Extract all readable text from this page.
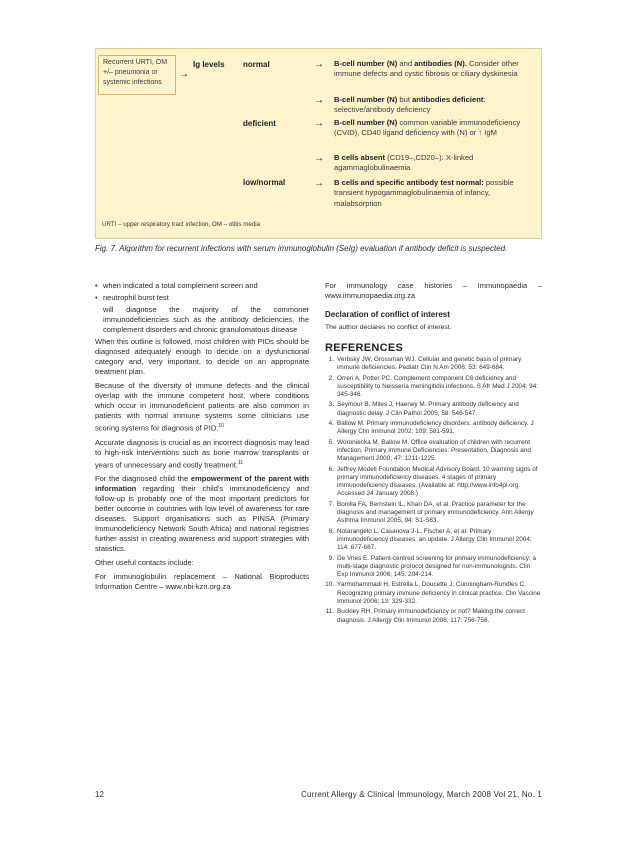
Recurrent URTI, OM
+/– pneumonia or
systemic infections
→
Ig levels normal
deficient
low/normal
→
→
→
→
→
B-cell number (N) and antibodies (N). Consider other immune defects and cystic fibrosis or ciliary dyskinesia
B-cell number (N) but antibodies deficient: selective/antibody deficiency
B-cell number (N) common variable immunodeficiency (CVID), CD40 ligand deficiency with (N) or ↑ IgM
B cells absent (CD19–,CD20–): X-linked agammaglobulinaemia
B cells and specific antibody test normal: possible transient hypogammaglobulinaemia of infancy, malabsorption
URTI – upper respiratory tract infection, OM – otitis media
Fig. 7. Algorithm for recurrent infections with serum immunoglobulin (SeIg) evaluation if antibody deficit is suspected.
• when indicated a total complement screen and
• neutrophil burst test
will diagnose the majority of the commoner immunodeficiencies such as the antibody deficiencies, the complement disorders and chronic granulomatous disease
When this outline is followed, most children with PIDs should be diagnosed adequately enough to decide on a dysfunctional category and, very important, to decide on an appropriate treatment plan.
Because of the diversity of immune defects and the clinical overlap with the immune competent host, where conditions which occur in immunodeficient patients are also common in patients with normal immune systems some clinicians use scoring systems for diagnosis of PID.$^{10}$
Accurate diagnosis is crucial as an incorrect diagnosis may lead to high-risk interventions such as bone marrow transplants or years of unnecessary and costly treatment.$^{11}$
For the diagnosed child the empowerment of the parent with information regarding their child’s immunodeficiency and follow-up is probably one of the most important predictors for better outcome in countries with low level of awareness for rare diseases. Support organisations such as PINSA (Primary Immunodeficiency Network South Africa) and national registries further assist in creating awareness and support strategies with statistics.
Other useful contacts include:
For immunoglobulin replacement – National Bioproducts Information Centre – www.nbi-kzn.org.za
For immunology case histories – Immunopaedia – www.immunopaedia.org.za
Declaration of conflict of interest
The author declares no conflict of interest.
REFERENCES
1. Verbsky JW, Grossman WJ. Cellular and genetic basis of primary immune deficiencies. Pediatr Clin N Am 2006; 53: 649-684.
2. Orren A, Potter PC. Complement component C6 deficiency and susceptibility to Neisseria meningitidis infections. S Afr Med J 2004; 94: 345-346.
3. Seymour B, Miles J, Haeney M. Primary antibody deficiency and diagnostic delay. J Clin Pathol 2005; 58: 546-547.
4. Ballow M. Primary immunodeficiency disorders: antibody deficiency. J Allergy Clin Immunol 2002; 109: 581-591.
5. Woroniecka M, Ballow M. Office evaluation of children with recurrent infection. Primary Immune Deficiencies: Presentation, Diagnosis and Management 2000; 47: 1211-1225.
6. Jeffrey Modell Foundation Medical Advisory Board. 10 warning signs of primary immunodeficiency diseases. 4 stages of primary immunodeficiency diseases. (Available at: http://www.info4pi.org. Accessed 24 January 2008.)
7. Bonilla FA, Bernstein IL, Khan DA, et al. Practice parameter for the diagnosis and management of primary immunodeficiency. Ann Allergy Asthma Immunol 2005; 94: S1-S63.
8. Notarangelo L, Casanova J-L, Fischer A, et al. Primary immunodeficiency diseases: an update. J Allergy Clin Immunol 2004; 114: 677-687.
9. De Vries E. Patient-centred screening for primary immunodeficiency: a multi-stage diagnostic protocol designed for non-immunologists. Clin Exp Immunol 2006; 145: 204-214.
10. Yarmohammadi H, Estrella L, Doucette J, Cunningham-Rundles C. Recognizing primary immune deficiency in clinical practice. Clin Vaccine Immunol 2006; 13: 329-332.
11. Buckley RH. Primary immunodeficiency or not? Making the correct diagnosis. J Allergy Clin Immunol 2006; 117: 756-758.
12	Current Allergy & Clinical Immunology, March 2008 Vol 21, No. 1
